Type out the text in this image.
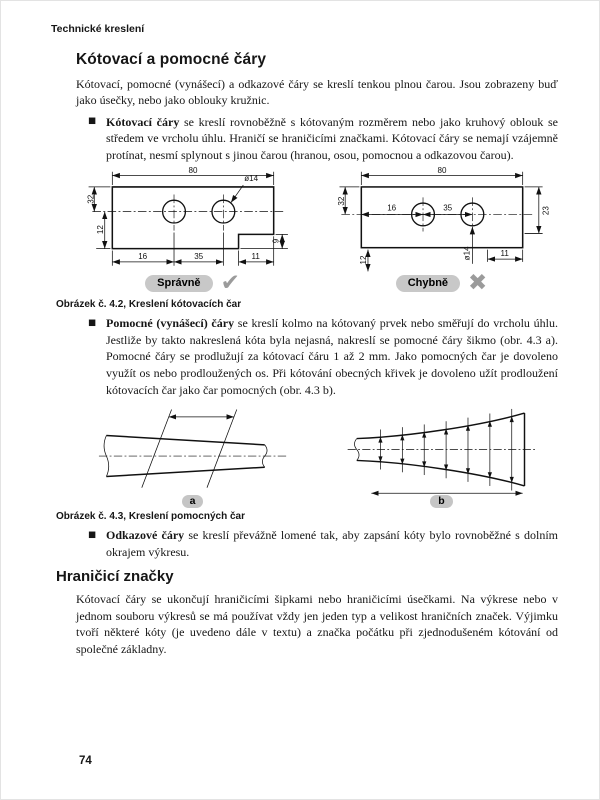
Technické kreslení
Kótovací a pomocné čáry

Kótovací, pomocné (vynášecí) a odkazové čáry se kreslí tenkou plnou čarou. Jsou zobrazeny buď jako úsečky, nebo jako oblouky kružnic.

■ Kótovací čáry se kreslí rovnoběžně s kótovaným rozměrem nebo jako kruhový oblouk se středem ve vrcholu úhlu. Hraničí se hraničicími značkami. Kótovací čáry se nemají vzájemně protínat, nesmí splynout s jinou čarou (hranou, osou, pomocnou a odkazovou čarou).

80
32
12
16	35	11
9
ø14
Správně ✔
80
32
16	35	23
12	ø14	11
Chybně ✖
Obrázek č. 4.2, Kreslení kótovacích čar
■ Pomocné (vynášecí) čáry se kreslí kolmo na kótovaný prvek nebo směřují do vrcholu úhlu. Jestliže by takto nakreslená kóta byla nejasná, nakreslí se pomocné čáry šikmo (obr. 4.3 a). Pomocné čáry se prodlužují za kótovací čáru 1 až 2 mm. Jako pomocných čar je dovoleno využít os nebo prodloužených os. Při kótování obecných křivek je dovoleno užít prodloužení kótovacích čar jako čar pomocných (obr. 4.3 b).

a	b
Obrázek č. 4.3, Kreslení pomocných čar
■ Odkazové čáry se kreslí převážně lomené tak, aby zapsání kóty bylo rovnoběžné s dolním okrajem výkresu.

Hraničicí značky

Kótovací čáry se ukončují hraničicími šipkami nebo hraničicími úsečkami. Na výkrese nebo v jednom souboru výkresů se má používat vždy jen jeden typ a velikost hraničních značek. Výjimku tvoří některé kóty (je uvedeno dále v textu) a značka počátku při zjednodušeném kótování od společné základny.

74
